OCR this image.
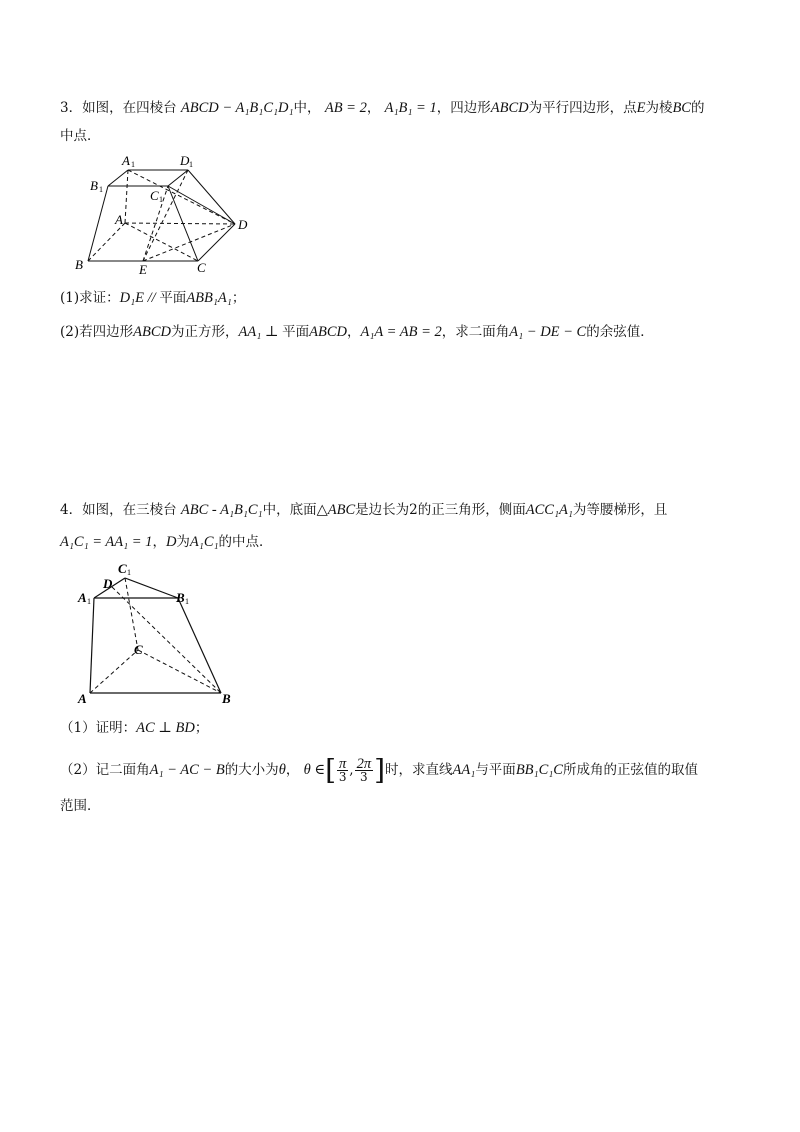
3．如图，在四棱台 ABCD − A₁B₁C₁D₁中， AB = 2， A₁B₁ = 1，四边形ABCD为平行四边形，点E为棱BC的
中点．
A 1	D 1
B 1	C 1
A	D
B	E	C
(1)求证：D₁E // 平面ABB₁A₁；
(2)若四边形ABCD为正方形，AA₁ ⊥ 平面ABCD，A₁A = AB = 2，求二面角A₁ − DE − C的余弦值．
4．如图，在三棱台 ABC - A₁B₁C₁中，底面△ABC是边长为2的正三角形，侧面ACC₁A₁为等腰梯形，且
A₁C₁ = AA₁ = 1，D为A₁C₁的中点．
C 1
D
A 1	B 1
C
A	B
（1）证明：AC ⊥ BD；
（2）记二面角A₁ − AC − B的大小为θ， θ ∈[ $\frac{\pi}{3}$ , $\frac{2\pi}{3}$ ]时，求直线AA₁与平面BB₁C₁C所成角的正弦值的取值
范围．
